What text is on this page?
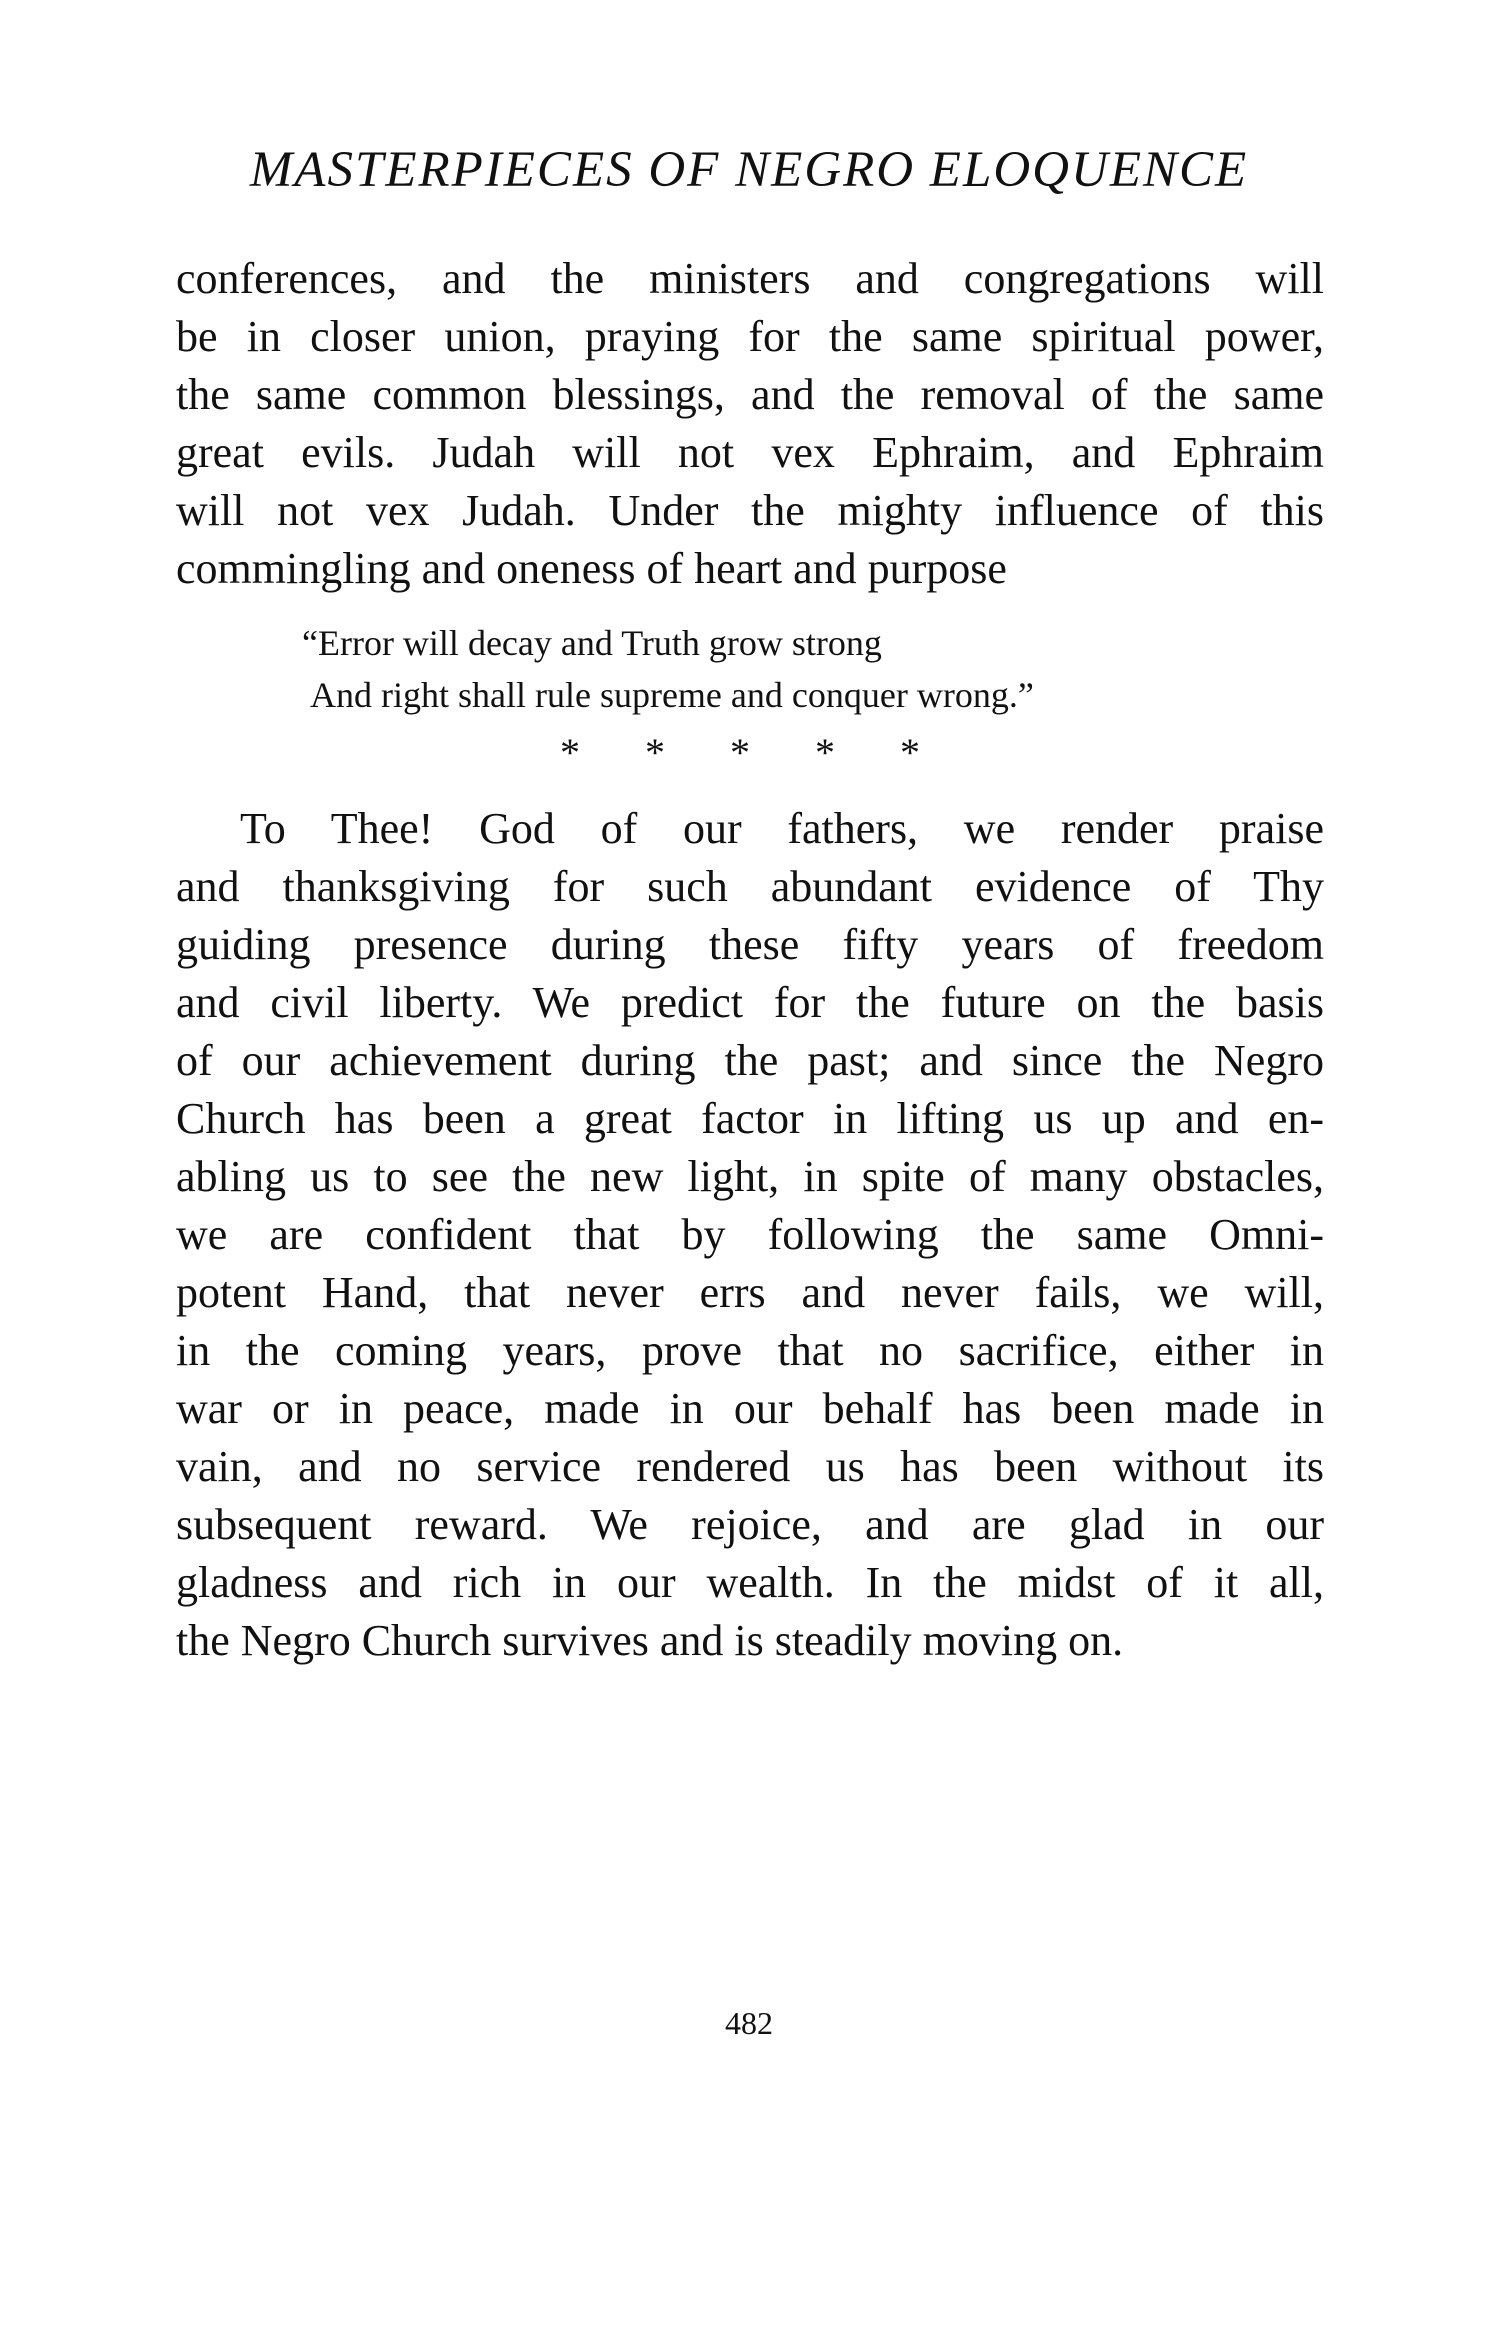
MASTERPIECES OF NEGRO ELOQUENCE
conferences, and the ministers and congregations will
be in closer union, praying for the same spiritual power,
the same common blessings, and the removal of the same
great evils. Judah will not vex Ephraim, and Ephraim
will not vex Judah. Under the mighty influence of this
commingling and oneness of heart and purpose
“Error will decay and Truth grow strong
And right shall rule supreme and conquer wrong.”
* * * * *
To Thee! God of our fathers, we render praise
and thanksgiving for such abundant evidence of Thy
guiding presence during these fifty years of freedom
and civil liberty. We predict for the future on the basis
of our achievement during the past; and since the Negro
Church has been a great factor in lifting us up and en-
abling us to see the new light, in spite of many obstacles,
we are confident that by following the same Omni-
potent Hand, that never errs and never fails, we will,
in the coming years, prove that no sacrifice, either in
war or in peace, made in our behalf has been made in
vain, and no service rendered us has been without its
subsequent reward. We rejoice, and are glad in our
gladness and rich in our wealth. In the midst of it all,
the Negro Church survives and is steadily moving on.
482
